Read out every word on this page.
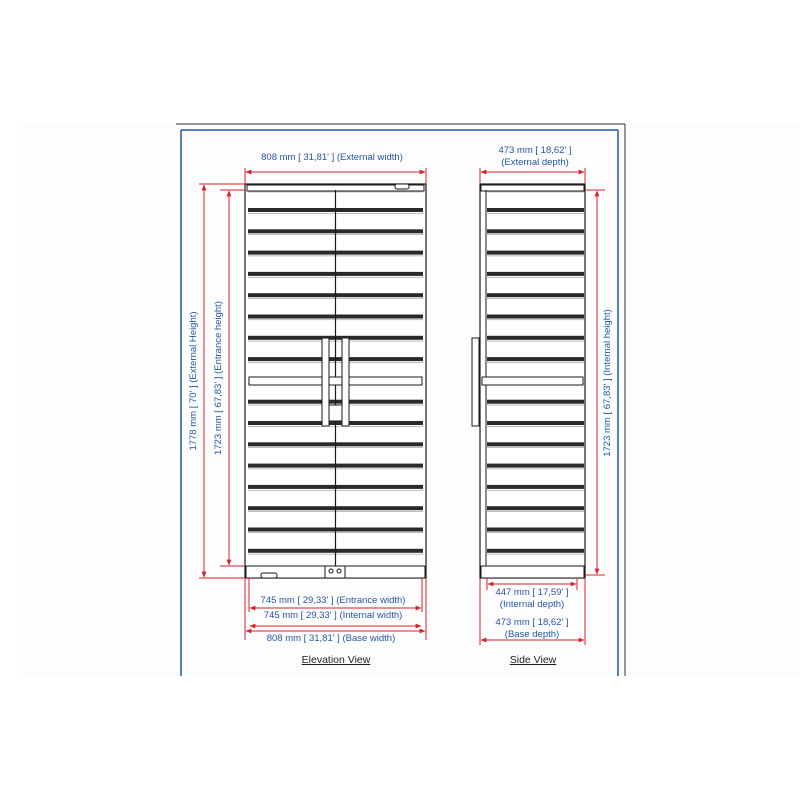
808 mm [ 31,81' ] (External width)
1778 mm [ 70' ] (External Height) 1723 mm [ 67,83' ] (Entrance height)
745 mm [ 29,33' ] (Entrance width)
745 mm [ 29,33' ] (Internal width)
808 mm [ 31,81' ] (Base width)
Elevation View
473 mm [ 18,62' ]
(External depth)
1723 mm [ 67,83' ] (Internal height)
447 mm [ 17,59' ]
(Internal depth)
473 mm [ 18,62' ]
(Base depth)
Side View
